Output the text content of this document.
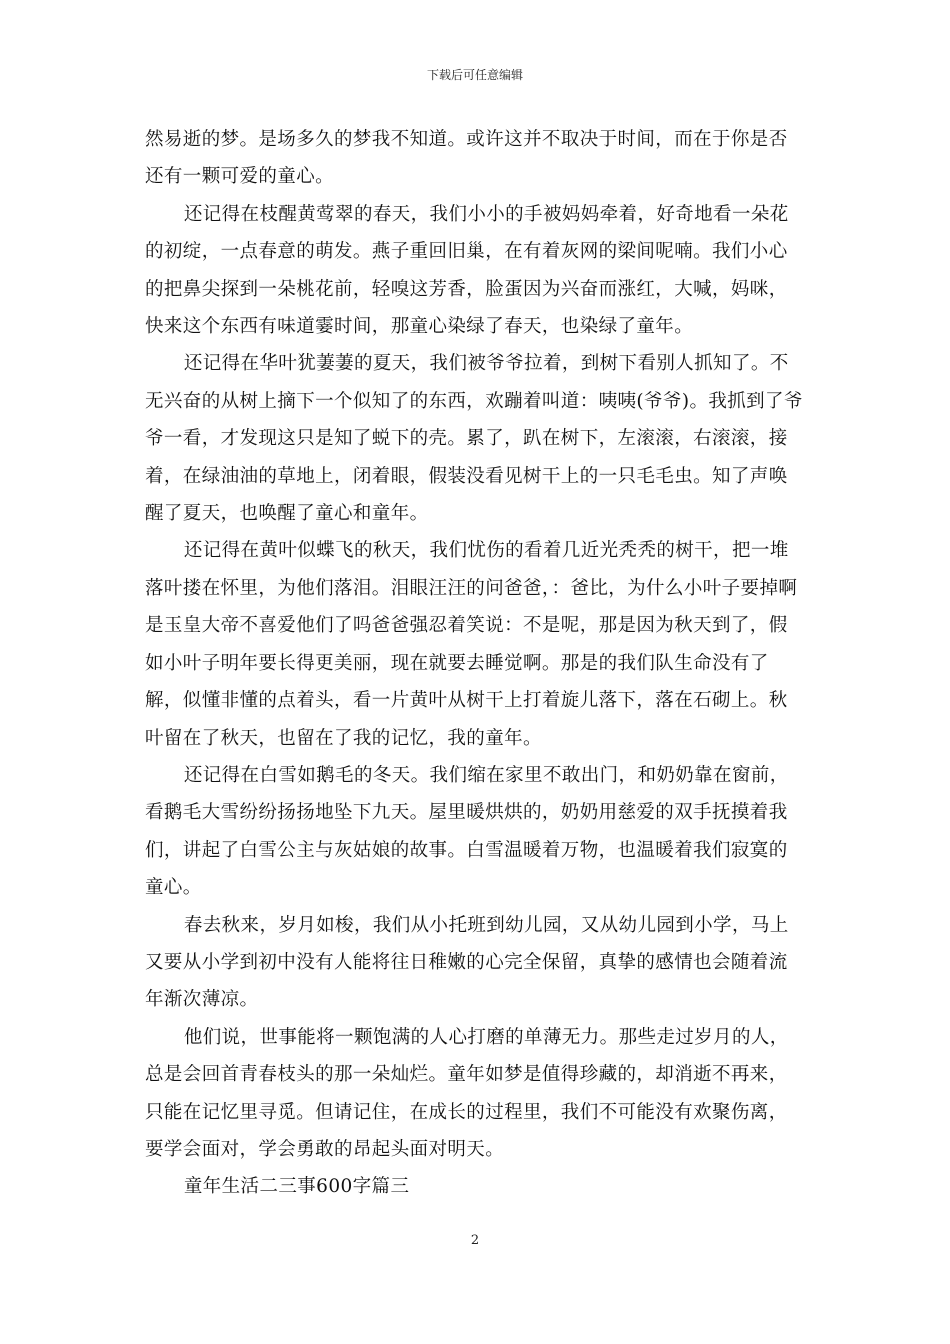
下载后可任意编辑

然易逝的梦。是场多久的梦我不知道。或许这并不取决于时间，而在于你是否还有一颗可爱的童心。

还记得在枝醒黄莺翠的春天，我们小小的手被妈妈牵着，好奇地看一朵花的初绽，一点春意的萌发。燕子重回旧巢，在有着灰网的梁间呢喃。我们小心的把鼻尖探到一朵桃花前，轻嗅这芳香，脸蛋因为兴奋而涨红，大喊，妈咪，快来这个东西有味道霎时间，那童心染绿了春天，也染绿了童年。

还记得在华叶犹萋萋的夏天，我们被爷爷拉着，到树下看别人抓知了。不无兴奋的从树上摘下一个似知了的东西，欢蹦着叫道：咦咦(爷爷)。我抓到了爷爷一看，才发现这只是知了蜕下的壳。累了，趴在树下，左滚滚，右滚滚，接着，在绿油油的草地上，闭着眼，假装没看见树干上的一只毛毛虫。知了声唤醒了夏天，也唤醒了童心和童年。

还记得在黄叶似蝶飞的秋天，我们忧伤的看着几近光秃秃的树干，把一堆落叶搂在怀里，为他们落泪。泪眼汪汪的问爸爸，：爸比，为什么小叶子要掉啊是玉皇大帝不喜爱他们了吗爸爸强忍着笑说：不是呢，那是因为秋天到了，假如小叶子明年要长得更美丽，现在就要去睡觉啊。那是的我们队生命没有了解，似懂非懂的点着头，看一片黄叶从树干上打着旋儿落下，落在石砌上。秋叶留在了秋天，也留在了我的记忆，我的童年。

还记得在白雪如鹅毛的冬天。我们缩在家里不敢出门，和奶奶靠在窗前，看鹅毛大雪纷纷扬扬地坠下九天。屋里暖烘烘的，奶奶用慈爱的双手抚摸着我们，讲起了白雪公主与灰姑娘的故事。白雪温暖着万物，也温暖着我们寂寞的童心。

春去秋来，岁月如梭，我们从小托班到幼儿园，又从幼儿园到小学，马上又要从小学到初中没有人能将往日稚嫩的心完全保留，真挚的感情也会随着流年渐次薄凉。

他们说，世事能将一颗饱满的人心打磨的单薄无力。那些走过岁月的人，总是会回首青春枝头的那一朵灿烂。童年如梦是值得珍藏的，却消逝不再来，只能在记忆里寻觅。但请记住，在成长的过程里，我们不可能没有欢聚伤离，要学会面对，学会勇敢的昂起头面对明天。

童年生活二三事600字篇三

2
